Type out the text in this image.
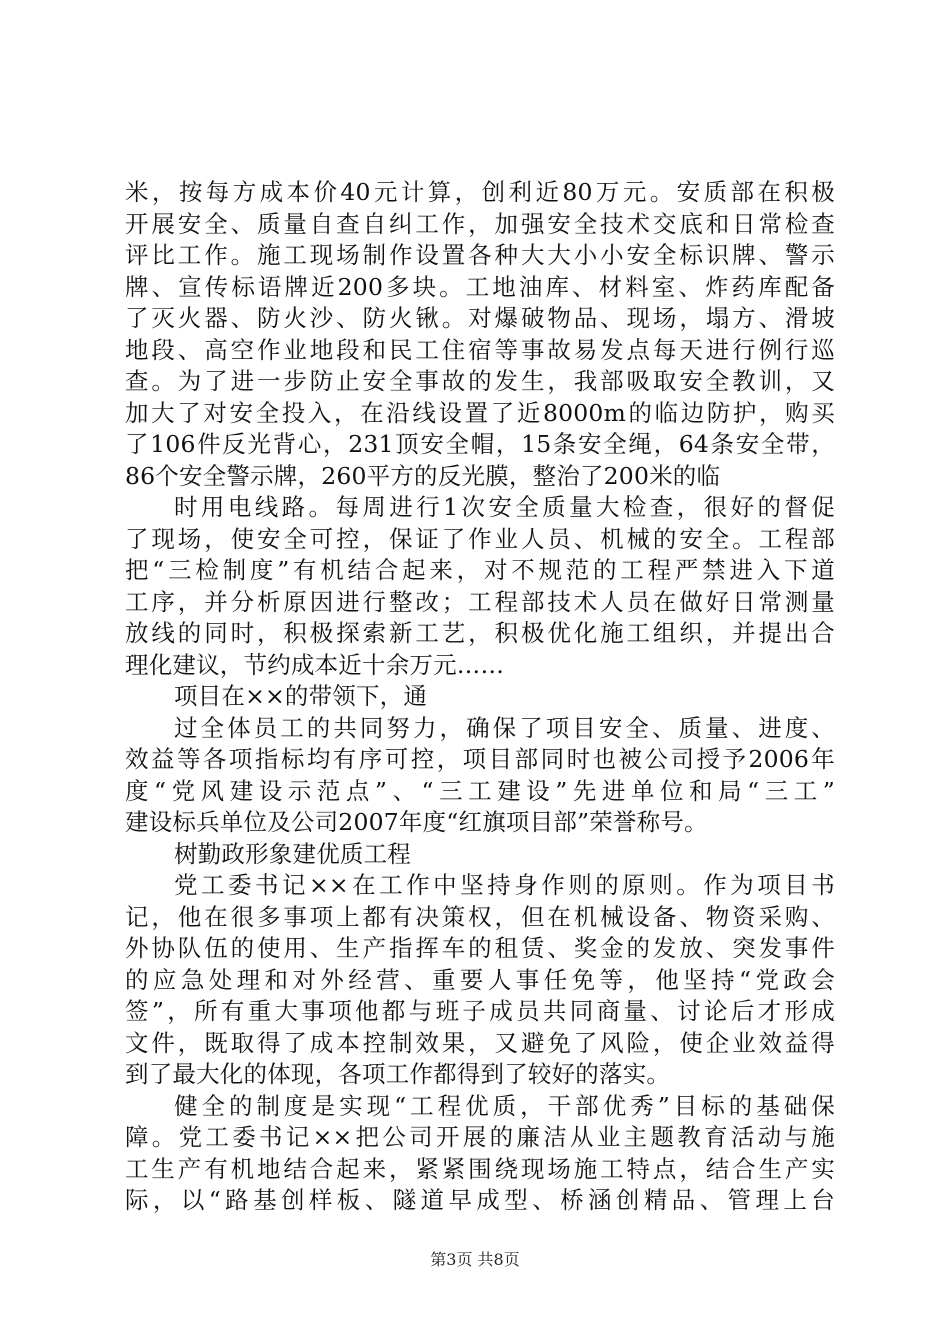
米，按每方成本价40元计算，创利近80万元。安质部在积极
开展安全、质量自查自纠工作，加强安全技术交底和日常检查
评比工作。施工现场制作设置各种大大小小安全标识牌、警示
牌、宣传标语牌近200多块。工地油库、材料室、炸药库配备
了灭火器、防火沙、防火锹。对爆破物品、现场，塌方、滑坡
地段、高空作业地段和民工住宿等事故易发点每天进行例行巡
查。为了进一步防止安全事故的发生，我部吸取安全教训，又
加大了对安全投入，在沿线设置了近8000m的临边防护，购买
了106件反光背心，231顶安全帽，15条安全绳，64条安全带，
86个安全警示牌，260平方的反光膜，整治了200米的临
时用电线路。每周进行1次安全质量大检查，很好的督促
了现场，使安全可控，保证了作业人员、机械的安全。工程部
把“三检制度”有机结合起来，对不规范的工程严禁进入下道
工序，并分析原因进行整改；工程部技术人员在做好日常测量
放线的同时，积极探索新工艺，积极优化施工组织，并提出合
理化建议，节约成本近十余万元……
项目在××的带领下，通
过全体员工的共同努力，确保了项目安全、质量、进度、
效益等各项指标均有序可控，项目部同时也被公司授予2006年
度“党风建设示范点”、“三工建设”先进单位和局“三工”
建设标兵单位及公司2007年度“红旗项目部”荣誉称号。
树勤政形象建优质工程
党工委书记××在工作中坚持身作则的原则。作为项目书
记，他在很多事项上都有决策权，但在机械设备、物资采购、
外协队伍的使用、生产指挥车的租赁、奖金的发放、突发事件
的应急处理和对外经营、重要人事任免等，他坚持“党政会
签”，所有重大事项他都与班子成员共同商量、讨论后才形成
文件，既取得了成本控制效果，又避免了风险，使企业效益得
到了最大化的体现，各项工作都得到了较好的落实。
健全的制度是实现“工程优质，干部优秀”目标的基础保
障。党工委书记××把公司开展的廉洁从业主题教育活动与施
工生产有机地结合起来，紧紧围绕现场施工特点，结合生产实
际，以“路基创样板、隧道早成型、桥涵创精品、管理上台
第3页 共8页
